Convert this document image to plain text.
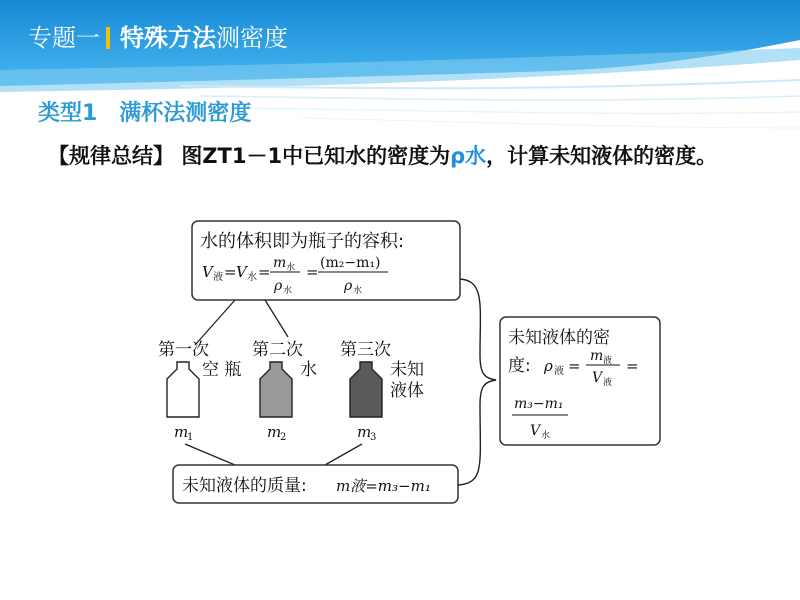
专题一 特殊方法测密度
类型1　满杯法测密度
【规律总结】 图ZT1－1中已知水的密度为ρ水，计算未知液体的密度。
水的体积即为瓶子的容积:
V 液 = V 水 = m 水
ρ 水
= (m₂−m₁)
ρ 水
第一次	第二次 第三次
空 瓶	水	未知
液体
m
1	m
2	m
3
未知液体的质量: m液=m₃−m₁
未知液体的密
度: ρ 液 =
m 液
V 液
=
m₃−m₁
V 水
